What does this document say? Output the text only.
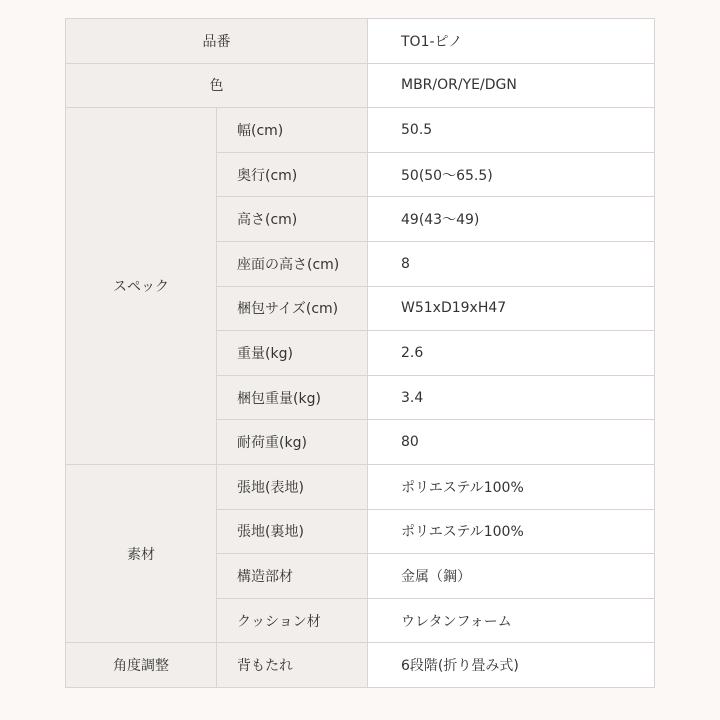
品番		TO1-ピノ
色		MBR/OR/YE/DGN
スペック	幅(cm)	50.5
	奥行(cm)	50(50〜65.5)
	高さ(cm)	49(43〜49)
	座面の高さ(cm)	8
	梱包サイズ(cm)	W51xD19xH47
	重量(kg)	2.6
	梱包重量(kg)	3.4
	耐荷重(kg)	80
素材	張地(表地)	ポリエステル100%
	張地(裏地)	ポリエステル100%
	構造部材	金属（鋼）
	クッション材	ウレタンフォーム
角度調整	背もたれ	6段階(折り畳み式)
